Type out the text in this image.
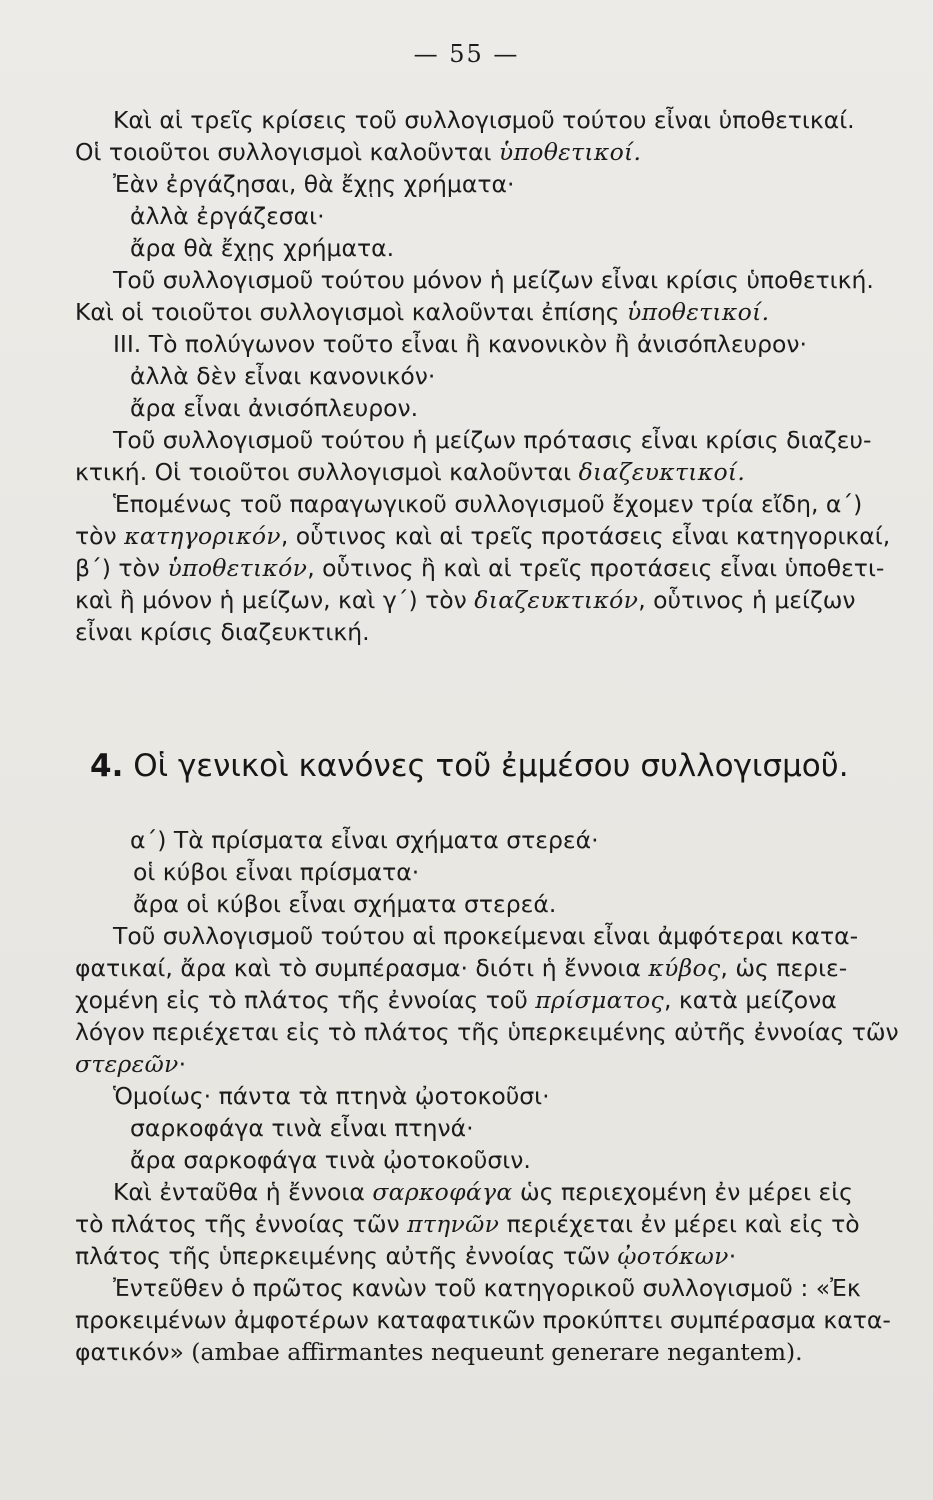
— 55 —
Καὶ αἱ τρεῖς κρίσεις τοῦ συλλογισμοῦ τούτου εἶναι ὑποθετικαί.
Οἱ τοιοῦτοι συλλογισμοὶ καλοῦνται ὑποθετικοί.
Ἐὰν ἐργάζησαι, θὰ ἔχῃς χρήματα·
ἀλλὰ ἐργάζεσαι·
ἄρα θὰ ἔχῃς χρήματα.
Τοῦ συλλογισμοῦ τούτου μόνον ἡ μείζων εἶναι κρίσις ὑποθετική.
Καὶ οἱ τοιοῦτοι συλλογισμοὶ καλοῦνται ἐπίσης ὑποθετικοί.
ΙΙΙ. Τὸ πολύγωνον τοῦτο εἶναι ἢ κανονικὸν ἢ ἀνισόπλευρον·
ἀλλὰ δὲν εἶναι κανονικόν·
ἄρα εἶναι ἀνισόπλευρον.
Τοῦ συλλογισμοῦ τούτου ἡ μείζων πρότασις εἶναι κρίσις διαζευ-
κτική. Οἱ τοιοῦτοι συλλογισμοὶ καλοῦνται διαζευκτικοί.
Ἑπομένως τοῦ παραγωγικοῦ συλλογισμοῦ ἔχομεν τρία εἴδη, α΄)
τὸν κατηγορικόν, οὗτινος καὶ αἱ τρεῖς προτάσεις εἶναι κατηγορικαί,
β΄) τὸν ὑποθετικόν, οὗτινος ἢ καὶ αἱ τρεῖς προτάσεις εἶναι ὑποθετι-
καὶ ἢ μόνον ἡ μείζων, καὶ γ΄) τὸν διαζευκτικόν, οὗτινος ἡ μείζων
εἶναι κρίσις διαζευκτική.
4. Οἱ γενικοὶ κανόνες τοῦ ἐμμέσου συλλογισμοῦ.
α΄) Τὰ πρίσματα εἶναι σχήματα στερεά·
οἱ κύβοι εἶναι πρίσματα·
ἄρα οἱ κύβοι εἶναι σχήματα στερεά.
Τοῦ συλλογισμοῦ τούτου αἱ προκείμεναι εἶναι ἀμφότεραι κατα-
φατικαί, ἄρα καὶ τὸ συμπέρασμα· διότι ἡ ἔννοια κύβος, ὡς περιε-
χομένη εἰς τὸ πλάτος τῆς ἐννοίας τοῦ πρίσματος, κατὰ μείζονα
λόγον περιέχεται εἰς τὸ πλάτος τῆς ὑπερκειμένης αὐτῆς ἐννοίας τῶν
στερεῶν·
Ὁμοίως· πάντα τὰ πτηνὰ ᾠοτοκοῦσι·
σαρκοφάγα τινὰ εἶναι πτηνά·
ἄρα σαρκοφάγα τινὰ ᾠοτοκοῦσιν.
Καὶ ἐνταῦθα ἡ ἔννοια σαρκοφάγα ὡς περιεχομένη ἐν μέρει εἰς
τὸ πλάτος τῆς ἐννοίας τῶν πτηνῶν περιέχεται ἐν μέρει καὶ εἰς τὸ
πλάτος τῆς ὑπερκειμένης αὐτῆς ἐννοίας τῶν ᾠοτόκων·
Ἐντεῦθεν ὁ πρῶτος κανὼν τοῦ κατηγορικοῦ συλλογισμοῦ : «Ἐκ
προκειμένων ἀμφοτέρων καταφατικῶν προκύπτει συμπέρασμα κατα-
φατικόν» (ambae affirmantes nequeunt generare negantem).
